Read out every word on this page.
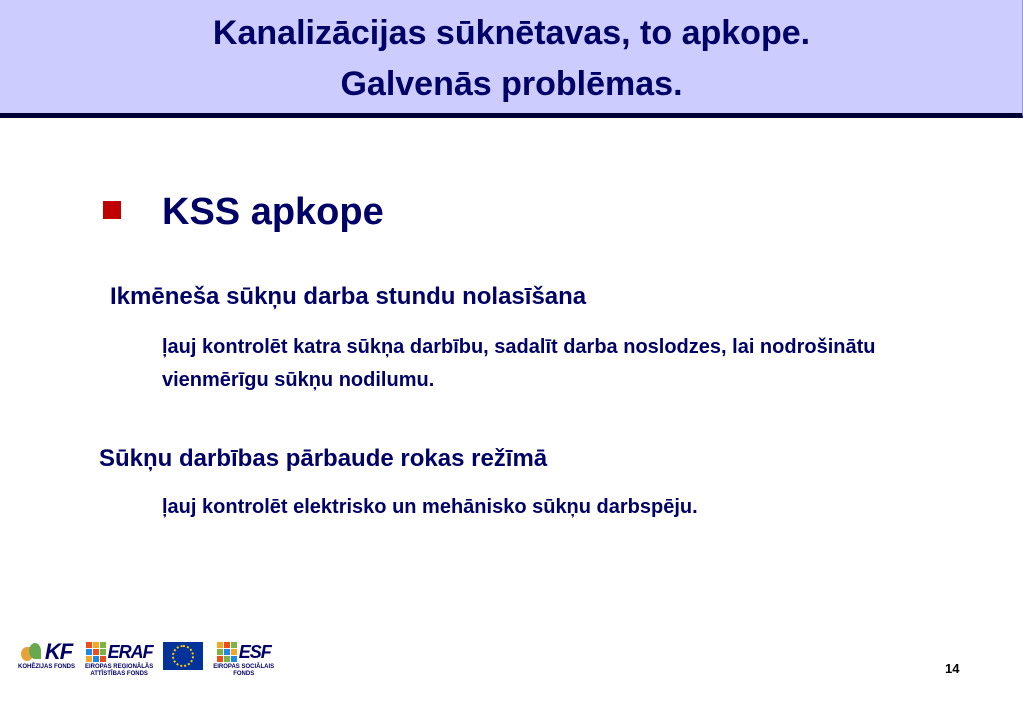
Kanalizācijas sūknētavas, to apkope.
Galvenās problēmas.
KSS apkope
Ikmēneša sūkņu darba stundu nolasīšana
ļauj kontrolēt katra sūkņa darbību, sadalīt darba noslodzes, lai nodrošinātu vienmērīgu sūkņu nodilumu.
Sūkņu darbības pārbaude rokas režīmā
ļauj kontrolēt elektrisko un mehānisko sūkņu darbspēju.
KF
KOHĒZIJAS FONDS
ERAF
EIROPAS REĢIONĀLĀS
ATTĪSTĪBAS FONDS
ESF
EIROPAS SOCIĀLAIS
FONDS	14
